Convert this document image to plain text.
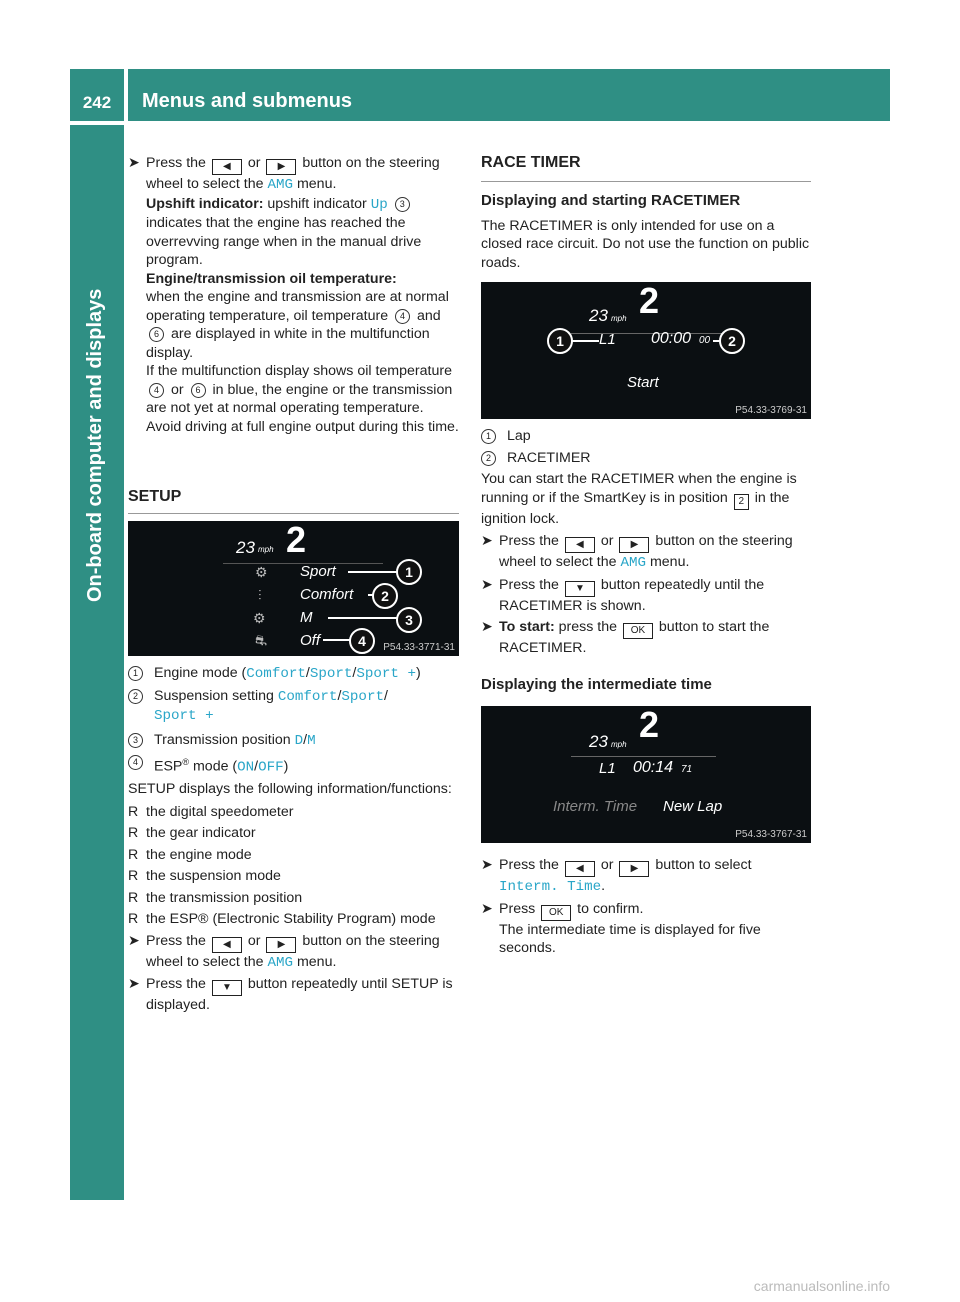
242	Menus and submenus
On-board computer and displays

➤ Press the ◀ or ▶ button on the steering wheel to select the AMG menu.

Upshift indicator: upshift indicator Up 3 indicates that the engine has reached the overrevving range when in the manual drive program.

Engine/transmission oil temperature:
when the engine and transmission are at normal operating temperature, oil temperature 4 and 6 are displayed in white in the multifunction display.

If the multifunction display shows oil temperature 4 or 6 in blue, the engine or the transmission are not yet at normal operating temperature. Avoid driving at full engine output during this time.

SETUP
23 mph 2
⚙
⫶
⚙
⛐
Sport
Comfort
M
Off
1
2
3
4	P54.33-3771-31

1	Engine mode (Comfort/Sport/Sport +)

2	Suspension setting Comfort/Sport/
Sport +

3	Transmission position D/M

4	ESP® mode (ON/OFF)

SETUP displays the following information/functions:

R the digital speedometer

R the gear indicator

R the engine mode

R the suspension mode

R the transmission position

R the ESP® (Electronic Stability Program) mode

➤ Press the ◀ or ▶ button on the steering wheel to select the AMG menu.

➤ Press the ▼ button repeatedly until SETUP is displayed.

RACE TIMER

Displaying and starting RACETIMER

The RACETIMER is only intended for use on a closed race circuit. Do not use the function on public roads.

23 mph 2
L1 00:00 00
Start
1	2
P54.33-3769-31

1	Lap

2	RACETIMER

You can start the RACETIMER when the engine is running or if the SmartKey is in position 2 in the ignition lock.

➤ Press the ◀ or ▶ button on the steering wheel to select the AMG menu.

➤ Press the ▼ button repeatedly until the RACETIMER is shown.

➤ To start: press the OK button to start the RACETIMER.

Displaying the intermediate time
23 mph 2
L1 00:14 71
Interm. Time New Lap
P54.33-3767-31

➤ Press the ◀ or ▶ button to select
Interm. Time.

➤ Press OK to confirm.
The intermediate time is displayed for five seconds.

carmanualsonline.info
